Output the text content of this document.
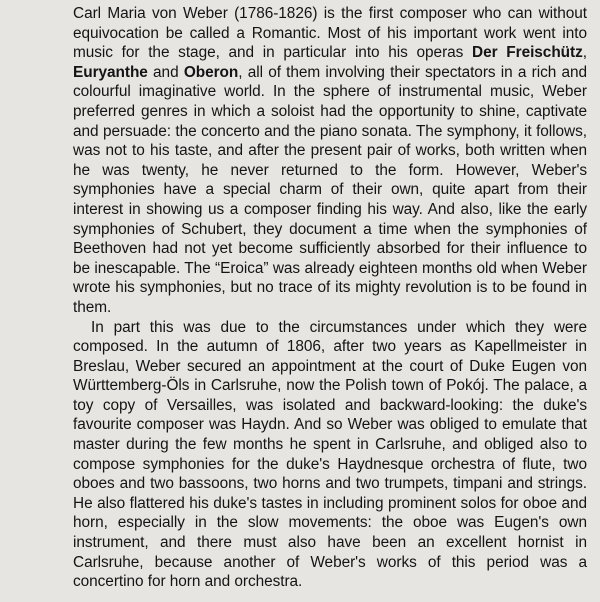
Carl Maria von Weber (1786-1826) is the first composer who can without equivocation be called a Romantic. Most of his important work went into music for the stage, and in particular into his operas Der Freischütz, Euryanthe and Oberon, all of them involving their spectators in a rich and colourful imaginative world. In the sphere of instrumental music, Weber preferred genres in which a soloist had the opportunity to shine, captivate and persuade: the concerto and the piano sonata. The symphony, it follows, was not to his taste, and after the present pair of works, both written when he was twenty, he never returned to the form. However, Weber's symphonies have a special charm of their own, quite apart from their interest in showing us a composer finding his way. And also, like the early symphonies of Schubert, they document a time when the symphonies of Beethoven had not yet become sufficiently absorbed for their influence to be inescapable. The “Eroica” was already eighteen months old when Weber wrote his symphonies, but no trace of its mighty revolution is to be found in them.

In part this was due to the circumstances under which they were composed. In the autumn of 1806, after two years as Kapellmeister in Breslau, Weber secured an appointment at the court of Duke Eugen von Württemberg-Öls in Carlsruhe, now the Polish town of Pokój. The palace, a toy copy of Versailles, was isolated and backward-looking: the duke's favourite composer was Haydn. And so Weber was obliged to emulate that master during the few months he spent in Carlsruhe, and obliged also to compose symphonies for the duke's Haydnesque orchestra of flute, two oboes and two bassoons, two horns and two trumpets, timpani and strings. He also flattered his duke's tastes in including prominent solos for oboe and horn, especially in the slow movements: the oboe was Eugen's own instrument, and there must also have been an excellent hornist in Carlsruhe, because another of Weber's works of this period was a concertino for horn and orchestra.
